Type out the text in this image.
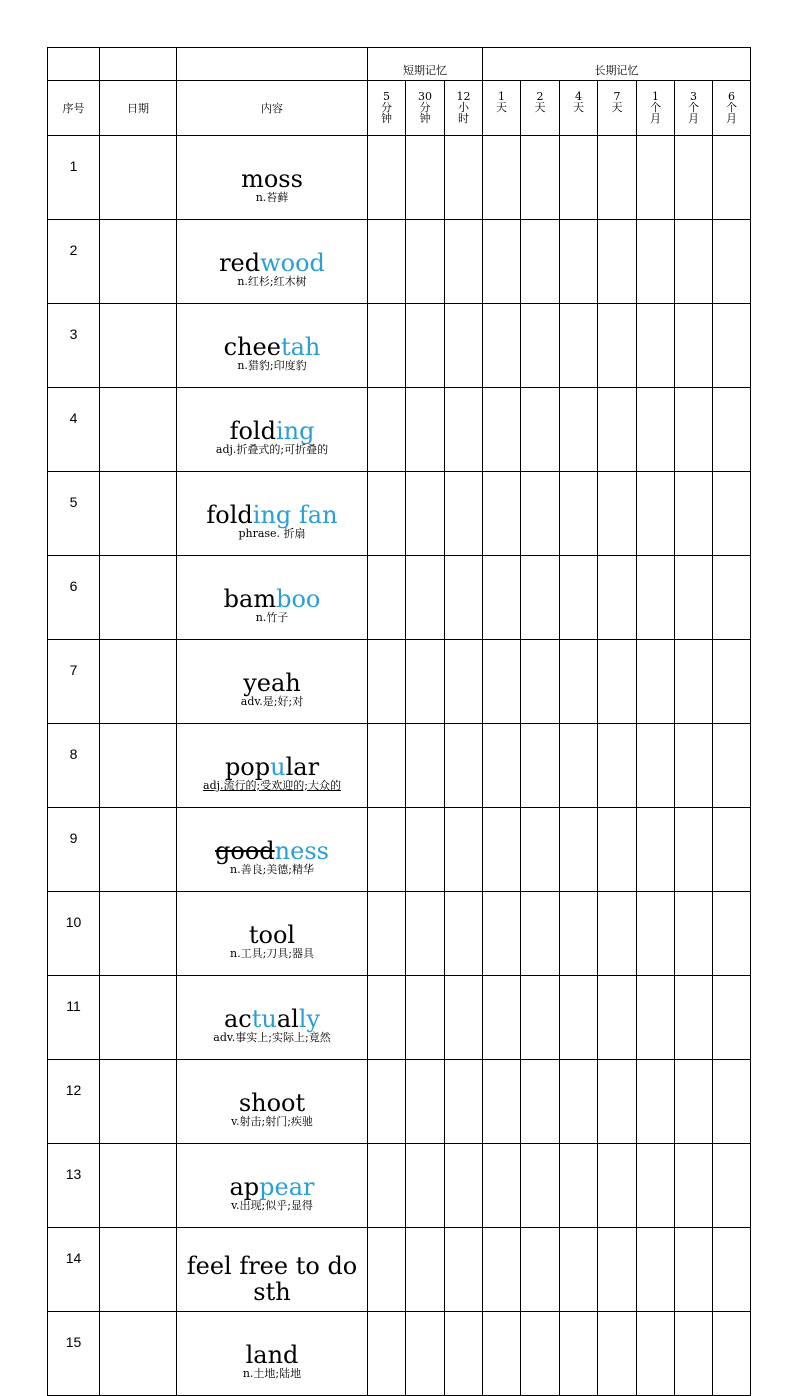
			短期记忆			长期记忆						

序号	日期	内容	5
分
钟	30
分
钟	12
小
时	1
天	2
天	4
天	7
天	1
个
月	3
个
月	6
个
月

1		moss
n.苔藓										

2		redwood
n.红杉;红木树										

3		cheetah
n.猎豹;印度豹										

4		folding
adj.折叠式的;可折叠的										

5		folding fan
phrase. 折扇										

6		bamboo
n.竹子										

7		yeah
adv.是;好;对										

8		popular
adj.流行的;受欢迎的;大众的										

9		goodness
n.善良;美德;精华										

10		tool
n.工具;刀具;器具										

11		actually
adv.事实上;实际上;竟然										

12		shoot
v.射击;射门;疾驰										

13		appear
v.出现;似乎;显得										

14		feel free to do sth										

15		land
n.土地;陆地										
